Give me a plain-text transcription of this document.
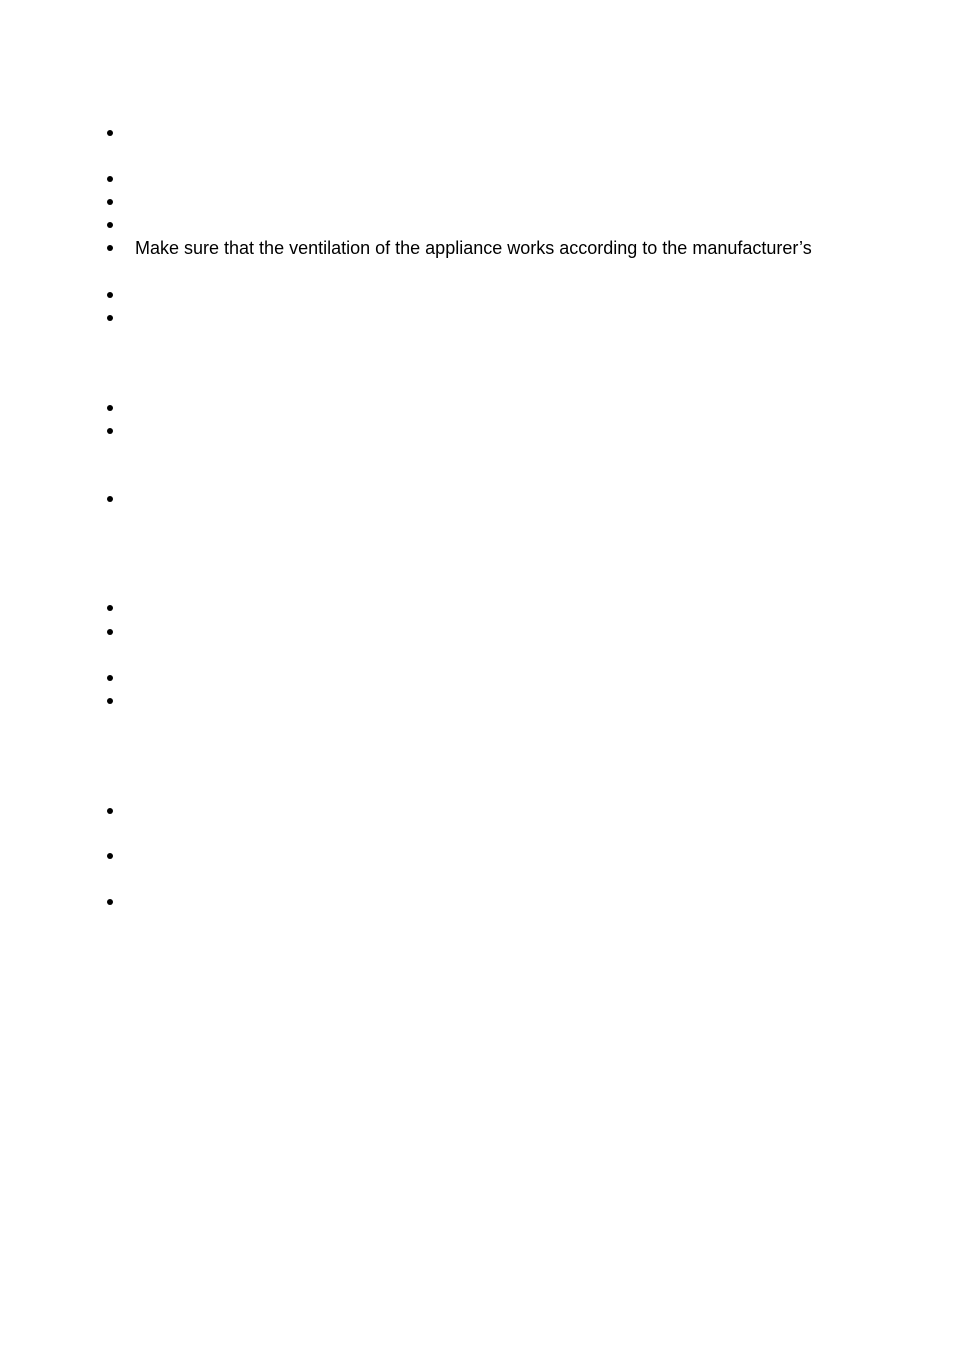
Make sure that the ventilation of the appliance works according to the manufacturer’s
